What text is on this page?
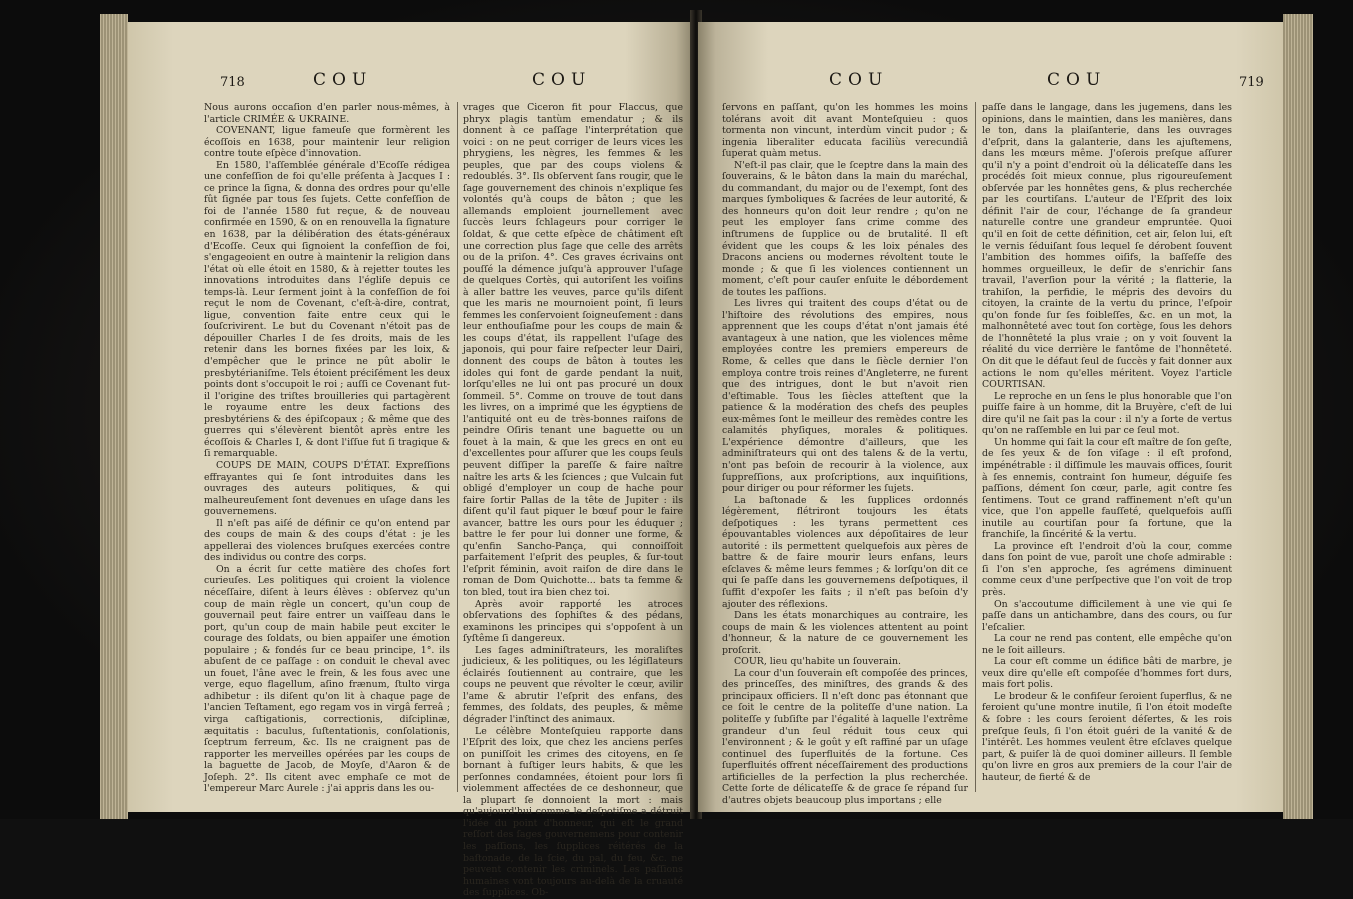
718	COU	COU

Nous aurons occaſion d'en parler nous-mêmes, à l'article CRIMÉE & UKRAINE.

COVENANT, ligue fameuſe que formèrent les écoſſois en 1638, pour maintenir leur religion contre toute eſpèce d'innovation.

En 1580, l'aſſemblée générale d'Ecoſſe rédigea une confeſſion de foi qu'elle préſenta à Jacques I : ce prince la ſigna, & donna des ordres pour qu'elle fût ſignée par tous ſes ſujets. Cette confeſſion de foi de l'année 1580 fut reçue, & de nouveau confirmée en 1590, & on en renouvella la ſignature en 1638, par la délibération des états-généraux d'Ecoſſe. Ceux qui ſignoient la confeſſion de foi, s'engageoient en outre à maintenir la religion dans l'état où elle étoit en 1580, & à rejetter toutes les innovations introduites dans l'égliſe depuis ce temps-là. Leur ſerment joint à la confeſſion de foi reçut le nom de Covenant, c'eſt-à-dire, contrat, ligue, convention faite entre ceux qui le ſouſcrivirent. Le but du Covenant n'étoit pas de dépouiller Charles I de ſes droits, mais de les retenir dans les bornes fixées par les loix, & d'empêcher que le prince ne pût abolir le presbytérianiſme. Tels étoient préciſément les deux points dont s'occupoit le roi ; auſſi ce Covenant fut-il l'origine des triſtes brouilleries qui partagèrent le royaume entre les deux factions des presbytériens & des épiſcopaux ; & même que des guerres qui s'élevèrent bientôt après entre les écoſſois & Charles I, & dont l'iſſue fut ſi tragique & ſi remarquable.

COUPS DE MAIN, COUPS D'ÉTAT. Expreſſions effrayantes qui ſe ſont introduites dans les ouvrages des auteurs politiques, & qui malheureuſement ſont devenues en uſage dans les gouvernemens.

Il n'eſt pas aiſé de définir ce qu'on entend par des coups de main & des coups d'état : je les appellerai des violences bruſques exercées contre des individus ou contre des corps.

On a écrit ſur cette matière des choſes fort curieuſes. Les politiques qui croient la violence néceſſaire, diſent à leurs élèves : obſervez qu'un coup de main règle un concert, qu'un coup de gouvernail peut faire entrer un vaiſſeau dans le port, qu'un coup de main habile peut exciter le courage des ſoldats, ou bien appaiſer une émotion populaire ; & fondés ſur ce beau principe, 1°. ils abuſent de ce paſſage : on conduit le cheval avec un fouet, l'âne avec le frein, & les fous avec une verge, equo flagellum, aſino frænum, ſtulto virga adhibetur : ils diſent qu'on lit à chaque page de l'ancien Teſtament, ego regam vos in virgâ ferreâ ; virga caſtigationis, correctionis, diſciplinæ, æquitatis : baculus, ſuſtentationis, conſolationis, ſceptrum ferreum, &c. Ils ne craignent pas de rapporter les merveilles opérées par les coups de la baguette de Jacob, de Moyſe, d'Aaron & de Joſeph. 2°. Ils citent avec emphaſe ce mot de l'empereur Marc Aurele : j'ai appris dans les ou-

vrages que Ciceron fit pour Flaccus, que phryx plagis tantùm emendatur ; & ils donnent à ce paſſage l'interprétation que voici : on ne peut corriger de leurs vices les phrygiens, les nègres, les femmes & les peuples, que par des coups violens & redoublés. 3°. Ils obſervent ſans rougir, que le ſage gouvernement des chinois n'explique ſes volontés qu'à coups de bâton ; que les allemands emploient journellement avec ſuccès leurs ſchlageurs pour corriger le ſoldat, & que cette eſpèce de châtiment eſt une correction plus ſage que celle des arrêts ou de la priſon. 4°. Ces graves écrivains ont pouſſé la démence juſqu'à approuver l'uſage de quelques Cortès, qui autoriſent les voiſins à aller battre les veuves, parce qu'ils diſent que les maris ne mournoient point, ſi leurs femmes les conſervoient ſoigneuſement : dans leur enthouſiaſme pour les coups de main & les coups d'état, ils rappellent l'uſage des japonois, qui pour faire reſpecter leur Dairi, donnent des coups de bâton à toutes les idoles qui font de garde pendant la nuit, lorſqu'elles ne lui ont pas procuré un doux ſommeil. 5°. Comme on trouve de tout dans les livres, on a imprimé que les égyptiens de l'antiquité ont eu de très-bonnes raiſons de peindre Oſiris tenant une baguette ou un fouet à la main, & que les grecs en ont eu d'excellentes pour aſſurer que les coups ſeuls peuvent diſſiper la pareſſe & faire naître naître les arts & les ſciences ; que Vulcain fut obligé d'employer un coup de hache pour faire ſortir Pallas de la tête de Jupiter : ils diſent qu'il faut piquer le bœuf pour le faire avancer, battre les ours pour les éduquer ; battre le fer pour lui donner une forme, & qu'enfin Sancho-Pança, qui connoiſſoit parfaitement l'eſprit des peuples, & ſur-tout l'eſprit féminin, avoit raiſon de dire dans le roman de Dom Quichotte... bats ta femme & ton bled, tout ira bien chez toi.

Après avoir rapporté les atroces obſervations des ſophiſtes & des pédans, examinons les principes qui s'oppoſent à un ſyſtême ſi dangereux.

Les ſages adminiſtrateurs, les moraliſtes judicieux, & les politiques, ou les légiſlateurs éclairés ſoutiennent au contraire, que les coups ne peuvent que révolter le cœur, avilir l'ame & abrutir l'eſprit des enfans, des femmes, des ſoldats, des peuples, & même dégrader l'inſtinct des animaux.

Le célèbre Monteſquieu rapporte dans l'Eſprit des loix, que chez les anciens perſes on puniſſoit les crimes des citoyens, en ſe bornant à fuſtiger leurs habits, & que les perſonnes condamnées, étoient pour lors ſi violemment affectées de ce deshonneur, que la plupart ſe donnoient la mort : mais qu'aujourd'hui comme le deſpotiſme a détruit l'idée du point d'honneur, qui eſt le grand reſſort des ſages gouvernemens pour contenir les paſſions, les ſupplices réitérés de la baſtonade, de la ſcie, du pal, du feu, &c. ne peuvent contenir les criminels. Les paſſions humaines vont toujours au-delà de la cruauté des ſupplices. Ob-

COU	COU	719

ſervons en paſſant, qu'on les hommes les moins tolérans avoit dit avant Monteſquieu : quos tormenta non vincunt, interdùm vincit pudor ; & ingenia liberaliter educata faciliùs verecundiâ ſuperat quàm metus.

N'eſt-il pas clair, que le ſceptre dans la main des ſouverains, & le bâton dans la main du maréchal, du commandant, du major ou de l'exempt, ſont des marques ſymboliques & ſacrées de leur autorité, & des honneurs qu'on doit leur rendre ; qu'on ne peut les employer ſans crime comme des inſtrumens de ſupplice ou de brutalité. Il eſt évident que les coups & les loix pénales des Dracons anciens ou modernes révoltent toute le monde ; & que ſi les violences contiennent un moment, c'eſt pour cauſer enſuite le débordement de toutes les paſſions.

Les livres qui traitent des coups d'état ou de l'hiſtoire des révolutions des empires, nous apprennent que les coups d'état n'ont jamais été avantageux à une nation, que les violences même employées contre les premiers empereurs de Rome, & celles que dans le ſiècle dernier l'on employa contre trois reines d'Angleterre, ne furent que des intrigues, dont le but n'avoit rien d'eſtimable. Tous les ſiècles atteſtent que la patience & la modération des chefs des peuples eux-mêmes ſont le meilleur des remèdes contre les calamités phyſiques, morales & politiques. L'expérience démontre d'ailleurs, que les adminiſtrateurs qui ont des talens & de la vertu, n'ont pas beſoin de recourir à la violence, aux ſuppreſſions, aux proſcriptions, aux inquiſitions, pour diriger ou pour réformer les ſujets.

La baſtonade & les ſupplices ordonnés légèrement, flétriront toujours les états deſpotiques : les tyrans permettent ces épouvantables violences aux dépoſitaires de leur autorité : ils permettent quelquefois aux pères de battre & de faire mourir leurs enfans, leurs eſclaves & même leurs femmes ; & lorſqu'on dit ce qui ſe paſſe dans les gouvernemens deſpotiques, il ſuffit d'expoſer les faits ; il n'eſt pas beſoin d'y ajouter des réflexions.

Dans les états monarchiques au contraire, les coups de main & les violences attentent au point d'honneur, & la nature de ce gouvernement les proſcrit.

COUR, lieu qu'habite un ſouverain.

La cour d'un ſouverain eſt compoſée des princes, des princeſſes, des miniſtres, des grands & des principaux officiers. Il n'eſt donc pas étonnant que ce ſoit le centre de la politeſſe d'une nation. La politeſſe y ſubſiſte par l'égalité à laquelle l'extrême grandeur d'un ſeul réduit tous ceux qui l'environnent ; & le goût y eſt raffiné par un uſage continuel des ſuperfluités de la fortune. Ces ſuperfluités offrent néceſſairement des productions artificielles de la perfection la plus recherchée. Cette ſorte de délicateſſe & de grace ſe répand ſur d'autres objets beaucoup plus importans ; elle

paſſe dans le langage, dans les jugemens, dans les opinions, dans le maintien, dans les manières, dans le ton, dans la plaiſanterie, dans les ouvrages d'eſprit, dans la galanterie, dans les ajuſtemens, dans les mœurs même. J'oſerois preſque aſſurer qu'il n'y a point d'endroit où la délicateſſe dans les procédés ſoit mieux connue, plus rigoureuſement obſervée par les honnêtes gens, & plus recherchée par les courtiſans. L'auteur de l'Eſprit des loix définit l'air de cour, l'échange de ſa grandeur naturelle contre une grandeur empruntée. Quoi qu'il en ſoit de cette définition, cet air, ſelon lui, eſt le vernis ſéduiſant ſous lequel ſe dérobent ſouvent l'ambition des hommes oiſifs, la baſſeſſe des hommes orgueilleux, le deſir de s'enrichir ſans travail, l'averſion pour la vérité ; la flatterie, la trahiſon, la perfidie, le mépris des devoirs du citoyen, la crainte de la vertu du prince, l'eſpoir qu'on fonde ſur ſes foibleſſes, &c. en un mot, la malhonnêteté avec tout ſon cortège, ſous les dehors de l'honnêteté la plus vraie ; on y voit ſouvent la réalité du vice derrière le fantôme de l'honnêteté. On dit que le défaut ſeul de ſuccès y fait donner aux actions le nom qu'elles méritent. Voyez l'article COURTISAN.

Le reproche en un ſens le plus honorable que l'on puiſſe faire à un homme, dit la Bruyère, c'eſt de lui dire qu'il ne ſait pas la cour : il n'y a ſorte de vertus qu'on ne raſſemble en lui par ce ſeul mot.

Un homme qui ſait la cour eſt maître de ſon geſte, de ſes yeux & de ſon viſage : il eſt profond, impénétrable : il diſſimule les mauvais offices, ſourit à ſes ennemis, contraint ſon humeur, déguiſe ſes paſſions, dément ſon cœur, parle, agit contre ſes ſentimens. Tout ce grand raffinement n'eſt qu'un vice, que l'on appelle fauſſeté, quelquefois auſſi inutile au courtiſan pour ſa fortune, que la franchiſe, la ſincérité & la vertu.

La province eſt l'endroit d'où la cour, comme dans ſon point de vue, paroît une choſe admirable : ſi l'on s'en approche, ſes agrémens diminuent comme ceux d'une perſpective que l'on voit de trop près.

On s'accoutume difficilement à une vie qui ſe paſſe dans un antichambre, dans des cours, ou ſur l'eſcalier.

La cour ne rend pas content, elle empêche qu'on ne le ſoit ailleurs.

La cour eſt comme un édifice bâti de marbre, je veux dire qu'elle eſt compoſée d'hommes fort durs, mais fort polis.

Le brodeur & le confiſeur ſeroient ſuperflus, & ne feroient qu'une montre inutile, ſi l'on étoit modeſte & ſobre : les cours ſeroient déſertes, & les rois preſque ſeuls, ſi l'on étoit guéri de la vanité & de l'intérêt. Les hommes veulent être eſclaves quelque part, & puiſer là de quoi dominer ailleurs. Il ſemble qu'on livre en gros aux premiers de la cour l'air de hauteur, de fierté & de
